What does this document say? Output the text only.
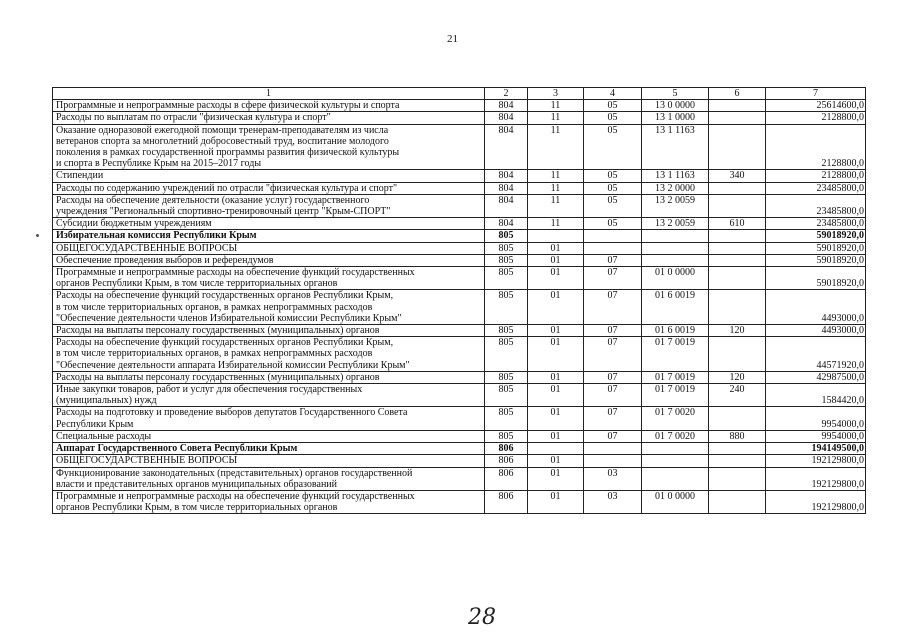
21
1	2	3	4	5	6	7

Программные и непрограммные расходы в сфере физической культуры и спорта	804	11	05	13 0 0000		25614600,0

Расходы по выплатам по отрасли "физическая культура и спорт"	804	11	05	13 1 0000		2128800,0

Оказание одноразовой ежегодной помощи тренерам-преподавателям из числа
ветеранов спорта за многолетний добросовестный труд, воспитание молодого
поколения в рамках государственной программы развития физической культуры
и спорта в Республике Крым на 2015–2017 годы	804	11	05	13 1 1163		2128800,0

Стипендии	804	11	05	13 1 1163	340	2128800,0

Расходы по содержанию учреждений по отрасли "физическая культура и спорт"	804	11	05	13 2 0000		23485800,0

Расходы на обеспечение деятельности (оказание услуг) государственного
учреждения "Региональный спортивно-тренировочный центр "Крым-СПОРТ"	804	11	05	13 2 0059		23485800,0

Субсидии бюджетным учреждениям	804	11	05	13 2 0059	610	23485800,0

Избирательная комиссия Республики Крым	805					59018920,0

ОБЩЕГОСУДАРСТВЕННЫЕ ВОПРОСЫ	805	01				59018920,0

Обеспечение проведения выборов и референдумов	805	01	07			59018920,0

Программные и непрограммные расходы на обеспечение функций государственных
органов Республики Крым, в том числе территориальных органов	805	01	07	01 0 0000		59018920,0

Расходы на обеспечение функций государственных органов Республики Крым,
в том числе территориальных органов, в рамках непрограммных расходов
"Обеспечение деятельности членов Избирательной комиссии Республики Крым"	805	01	07	01 6 0019		4493000,0

Расходы на выплаты персоналу государственных (муниципальных) органов	805	01	07	01 6 0019	120	4493000,0

Расходы на обеспечение функций государственных органов Республики Крым,
в том числе территориальных органов, в рамках непрограммных расходов
"Обеспечение деятельности аппарата Избирательной комиссии Республики Крым"	805	01	07	01 7 0019		44571920,0

Расходы на выплаты персоналу государственных (муниципальных) органов	805	01	07	01 7 0019	120	42987500,0

Иные закупки товаров, работ и услуг для обеспечения государственных
(муниципальных) нужд	805	01	07	01 7 0019	240	1584420,0

Расходы на подготовку и проведение выборов депутатов Государственного Совета
Республики Крым	805	01	07	01 7 0020		9954000,0

Специальные расходы	805	01	07	01 7 0020	880	9954000,0

Аппарат Государственного Совета Республики Крым	806					194149500,0

ОБЩЕГОСУДАРСТВЕННЫЕ ВОПРОСЫ	806	01				192129800,0

Функционирование законодательных (представительных) органов государственной
власти и представительных органов муниципальных образований	806	01	03			192129800,0

Программные и непрограммные расходы на обеспечение функций государственных
органов Республики Крым, в том числе территориальных органов	806	01	03	01 0 0000		192129800,0
28
